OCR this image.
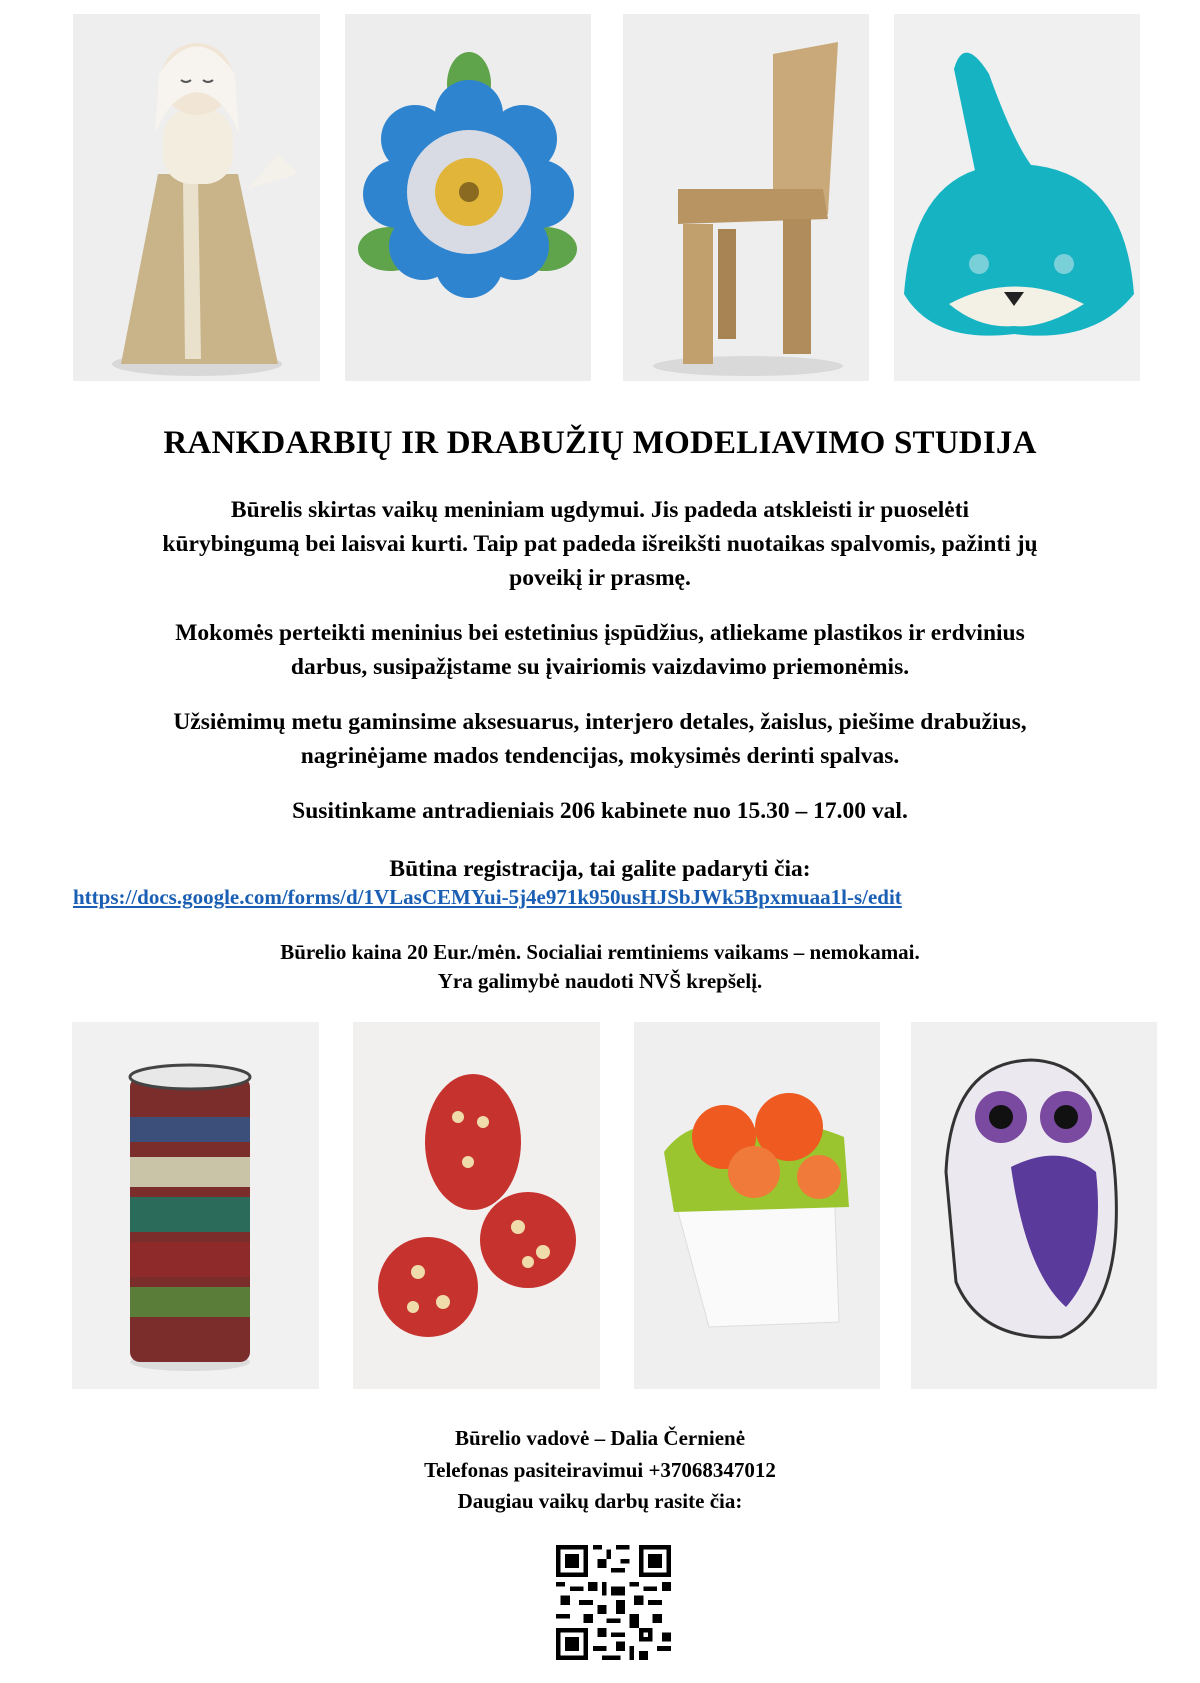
RANKDARBIŲ IR DRABUŽIŲ MODELIAVIMO STUDIJA

Būrelis skirtas vaikų meniniam ugdymui. Jis padeda atskleisti ir puoselėti

kūrybingumą bei laisvai kurti. Taip pat padeda išreikšti nuotaikas spalvomis, pažinti jų

poveikį ir prasmę.

Mokomės perteikti meninius bei estetinius įspūdžius, atliekame plastikos ir erdvinius

darbus, susipažįstame su įvairiomis vaizdavimo priemonėmis.

Užsiėmimų metu gaminsime aksesuarus, interjero detales, žaislus, piešime drabužius,

nagrinėjame mados tendencijas, mokysimės derinti spalvas.

Susitinkame antradieniais 206 kabinete nuo 15.30 – 17.00 val.

Būtina registracija, tai galite padaryti čia:

https://docs.google.com/forms/d/1VLasCEMYui-5j4e971k950usHJSbJWk5Bpxmuaa1l-s/edit

Būrelio kaina 20 Eur./mėn. Socialiai remtiniems vaikams – nemokamai.

Yra galimybė naudoti NVŠ krepšelį.

Būrelio vadovė – Dalia Černienė

Telefonas pasiteiravimui +37068347012

Daugiau vaikų darbų rasite čia:
